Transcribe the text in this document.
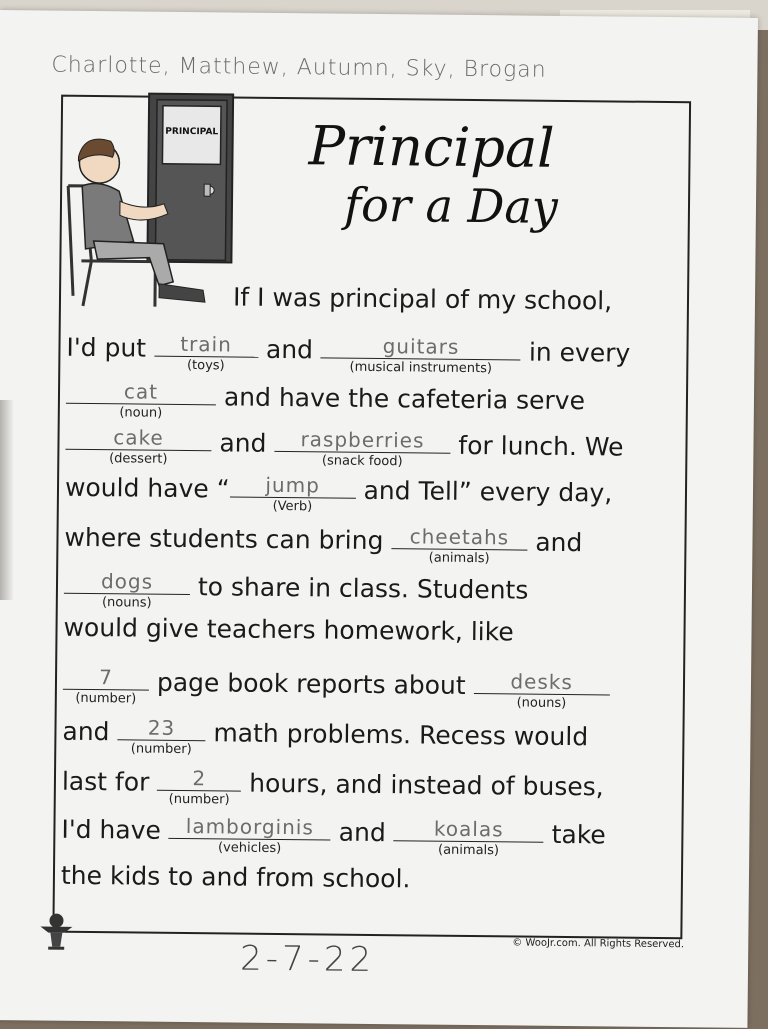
Charlotte, Matthew, Autumn, Sky, Brogan
PRINCIPAL	Principal
for a Day
If I was principal of my school,
I'd put	train
(toys)
and	guitars
(musical instruments)
in every
cat
(noun)	and have the cafeteria serve
cake
(dessert)
and	raspberries
(snack food)	for lunch. We
would have “	jump
(Verb)	and Tell” every day,
where students can bring	cheetahs
(animals)
and
dogs
(nouns)	to share in class. Students
would give teachers homework, like
7
(number) page book reports about	desks
(nouns)
and	23
(number) math problems. Recess would
last for	2
(number) hours, and instead of buses,
I'd have	lamborginis
(vehicles)
and	koalas
(animals)
take
the kids to and from school.
2-7-22	© WooJr.com. All Rights Reserved.
